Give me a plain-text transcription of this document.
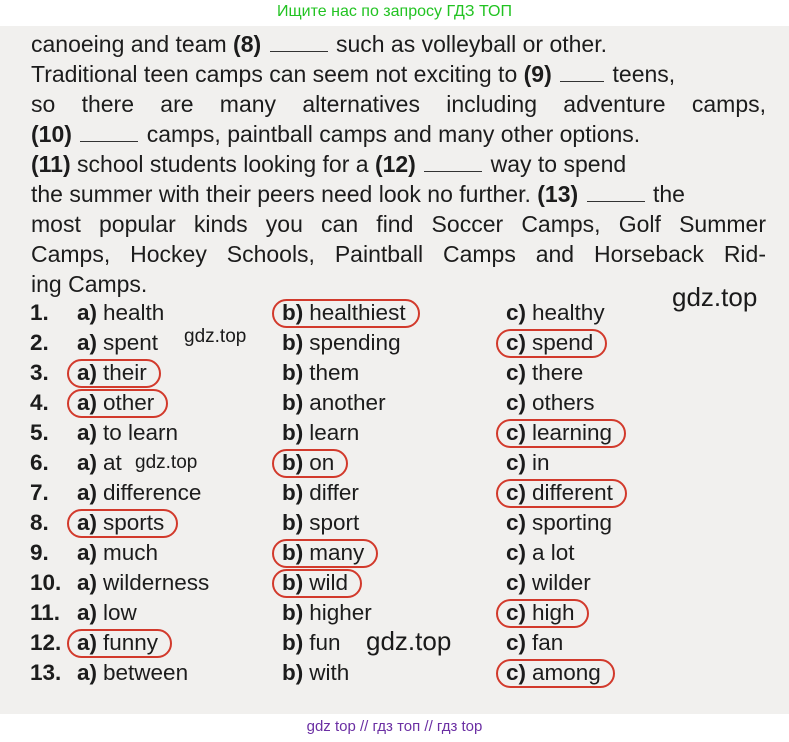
Ищите нас по запросу ГДЗ ТОП
canoeing and team (8)	such as volleyball or other.
Traditional teen camps can seem not exciting to (9)	teens,
so there are many alternatives including adventure camps,
(10)	camps, paintball camps and many other options.
(11) school students looking for a (12)	way to spend
the summer with their peers need look no further. (13)	the
most popular kinds you can find Soccer Camps, Golf Summer
Camps, Hockey Schools, Paintball Camps and Horseback Rid-
ing Camps.
1. a) health	b) healthiest	c) healthy
2. a) spent	b) spending	c) spend
3. a) their	b) them	c) there
4. a) other	b) another	c) others
5. a) to learn	b) learn	c) learning
6. a) at	b) on	c) in
7. a) difference	b) differ	c) different
8. a) sports	b) sport	c) sporting
9. a) much	b) many	c) a lot
10. a) wilderness	b) wild	c) wilder
11. a) low	b) higher	c) high
12. a) funny	b) fun	c) fan
13. a) between	b) with	c) among
gdz.top
gdz.top
gdz.top
gdz.top
gdz top // гдз топ // гдз top
